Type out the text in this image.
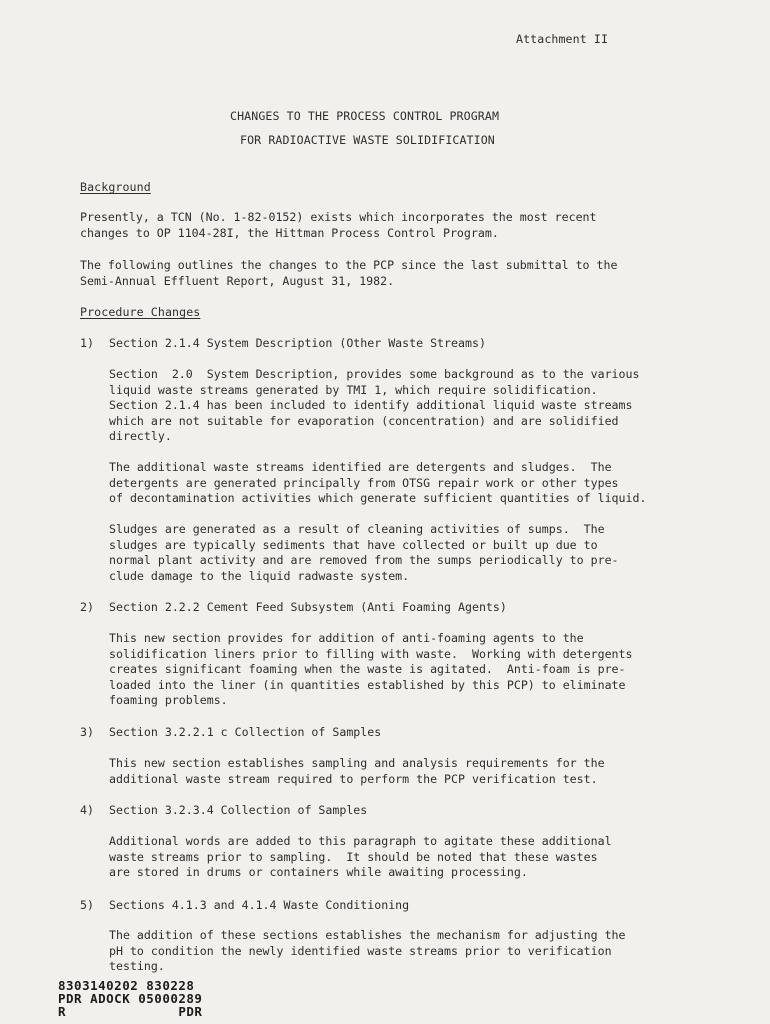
Attachment II
CHANGES TO THE PROCESS CONTROL PROGRAM
FOR RADIOACTIVE WASTE SOLIDIFICATION
Background
Presently, a TCN (No. 1-82-0152) exists which incorporates the most recent
changes to OP 1104-28I, the Hittman Process Control Program.
The following outlines the changes to the PCP since the last submittal to the
Semi-Annual Effluent Report, August 31, 1982.
Procedure Changes
1) Section 2.1.4 System Description (Other Waste Streams)
Section  2.0  System Description, provides some background as to the various
liquid waste streams generated by TMI 1, which require solidification.
Section 2.1.4 has been included to identify additional liquid waste streams
which are not suitable for evaporation (concentration) and are solidified
directly.
The additional waste streams identified are detergents and sludges.  The
detergents are generated principally from OTSG repair work or other types
of decontamination activities which generate sufficient quantities of liquid.
Sludges are generated as a result of cleaning activities of sumps.  The
sludges are typically sediments that have collected or built up due to
normal plant activity and are removed from the sumps periodically to pre-
clude damage to the liquid radwaste system.
2) Section 2.2.2 Cement Feed Subsystem (Anti Foaming Agents)
This new section provides for addition of anti-foaming agents to the
solidification liners prior to filling with waste.  Working with detergents
creates significant foaming when the waste is agitated.  Anti-foam is pre-
loaded into the liner (in quantities established by this PCP) to eliminate
foaming problems.
3) Section 3.2.2.1 c Collection of Samples
This new section establishes sampling and analysis requirements for the
additional waste stream required to perform the PCP verification test.
4) Section 3.2.3.4 Collection of Samples
Additional words are added to this paragraph to agitate these additional
waste streams prior to sampling.  It should be noted that these wastes
are stored in drums or containers while awaiting processing.
5) Sections 4.1.3 and 4.1.4 Waste Conditioning
The addition of these sections establishes the mechanism for adjusting the
pH to condition the newly identified waste streams prior to verification
testing.
8303140202 830228
PDR ADOCK 05000289
R              PDR
